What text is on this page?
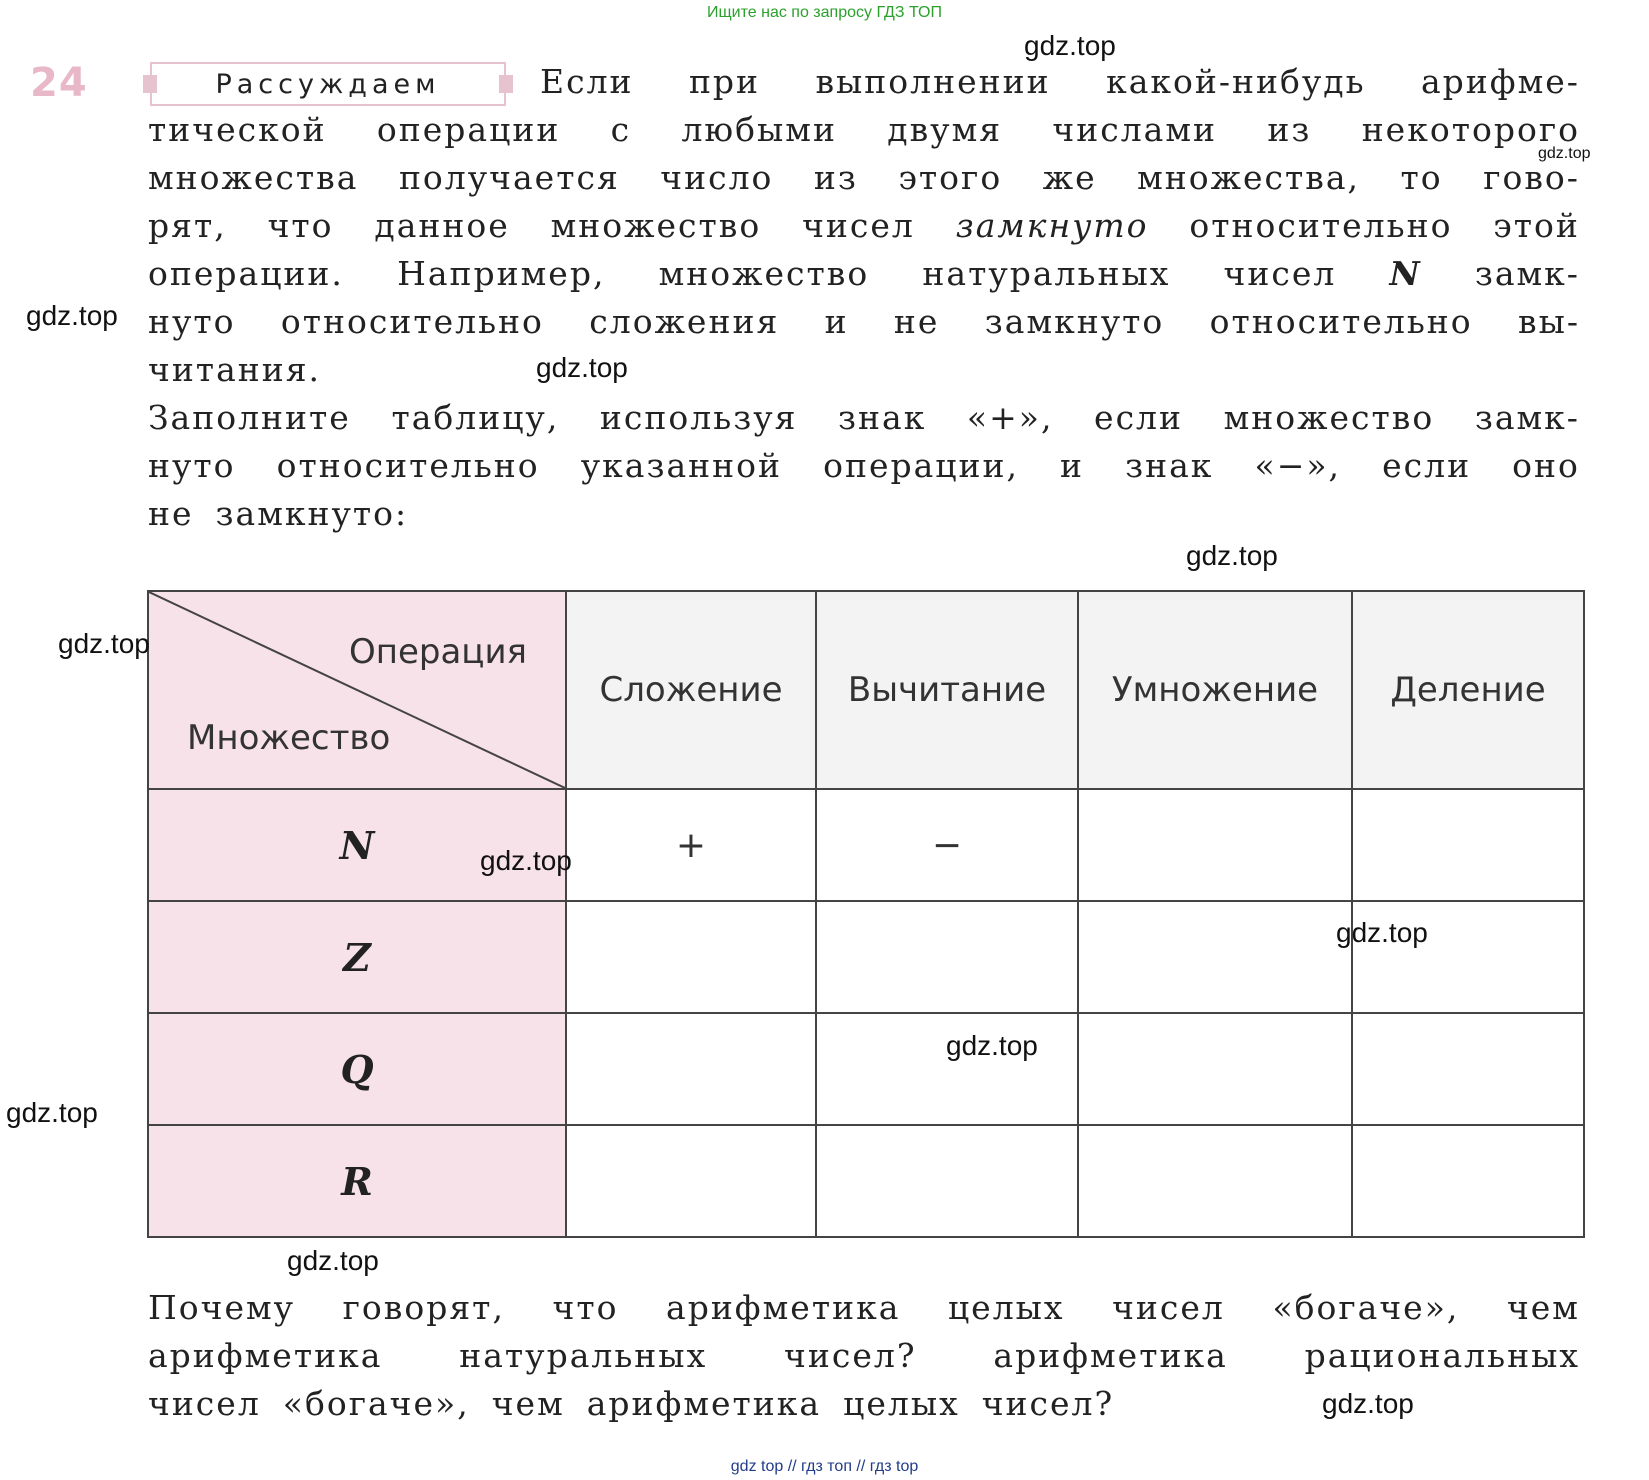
Ищите нас по запросу ГДЗ ТОП
24	Рассуждаем	Если при выполнении какой-нибудь арифме-
тической операции с любыми двумя числами из некоторого
множества получается число из этого же множества, то гово-
рят, что данное множество чисел замкнуто относительно этой
операции. Например, множество натуральных чисел N замк-
нуто относительно сложения и не замкнуто относительно вы-
читания.
Заполните таблицу, используя знак «+», если множество замк-
нуто относительно указанной операции, и знак «−», если оно
не замкнуто:
Операция
Множество	Сложение	Вычитание	Умножение	Деление
N	+	−		
Z				
Q				
R				
Почему говорят, что арифметика целых чисел «богаче», чем
арифметика натуральных чисел? арифметика рациональных
чисел «богаче», чем арифметика целых чисел?
gdz.top
gdz.top
gdz.top
gdz.top
gdz.top
gdz.top
gdz.top
gdz.top
gdz.top
gdz.top
gdz.top
gdz.top
gdz top // гдз топ // гдз top
